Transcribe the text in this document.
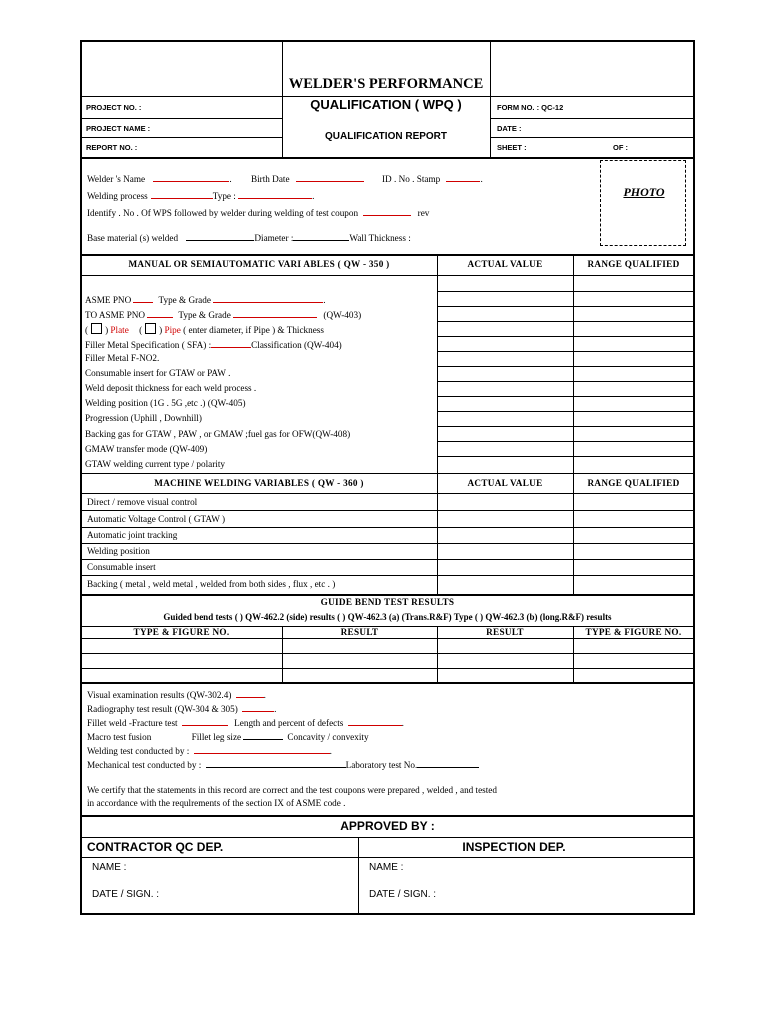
WELDER'S PERFORMANCE
QUALIFICATION ( WPQ )
QUALIFICATION REPORT
PROJECT NO. :
PROJECT NAME :
REPORT NO. :
FORM NO. : QC-12
DATE :
SHEET :	OF :
Welder 's Name	. Birth Date	ID . No . Stamp	.
Welding process	Type :	.
Identify . No . Of WPS followed by welder during welding of test coupon	rev
Base material (s) welded	Diameter :	Wall Thickness :
PHOTO
MANUAL OR SEMIAUTOMATIC VARI ABLES ( QW - 350 )	ACTUAL VALUE	RANGE QUALIFIED
ASME PNO	Type & Grade	.
TO ASME PNO	Type & Grade	(QW-403)
( ) Plate ( ) Pipe ( enter diameter, if Pipe ) & Thickness
Filler Metal Specification ( SFA) :	Classification (QW-404)
Filler Metal F-NO2.
Consumable insert for GTAW or PAW .
Weld deposit thickness for each weld process .
Welding position (1G . 5G ,etc .) (QW-405)
Progression (Uphill , Downhill)
Backing gas for GTAW , PAW , or GMAW ;fuel gas for OFW(QW-408)
GMAW transfer mode (QW-409)
GTAW welding current type / polarity
MACHINE WELDING VARIABLES ( QW - 360 )	ACTUAL VALUE	RANGE QUALIFIED
Direct / remove visual control
Automatic Voltage Control ( GTAW )
Automatic joint tracking
Welding position
Consumable insert
Backing ( metal , weld metal , welded from both sides , flux , etc . )
GUIDE BEND TEST RESULTS
Guided bend tests ( ) QW-462.2 (side) results ( ) QW-462.3 (a) (Trans.R&F) Type ( ) QW-462.3 (b) (long.R&F) results
TYPE & FIGURE NO.	RESULT	RESULT	TYPE & FIGURE NO.
Visual examination results (QW-302.4)	.
Radiography test result (QW-304 & 305)	.
Fillet weld -Fracture test	Length and percent of defects	.
Macro test fusion	Fillet leg size	Concavity / convexity
Welding test conducted by :	.
Mechanical test conducted by :	Laboratory test No.
We certify that the statements in this record are correct and the test coupons were prepared , welded , and tested
in accordance with the requlrements of the section IX of ASME code .
APPROVED BY :
CONTRACTOR QC DEP.	INSPECTION DEP.
NAME :
DATE / SIGN. :
NAME :
DATE / SIGN. :
